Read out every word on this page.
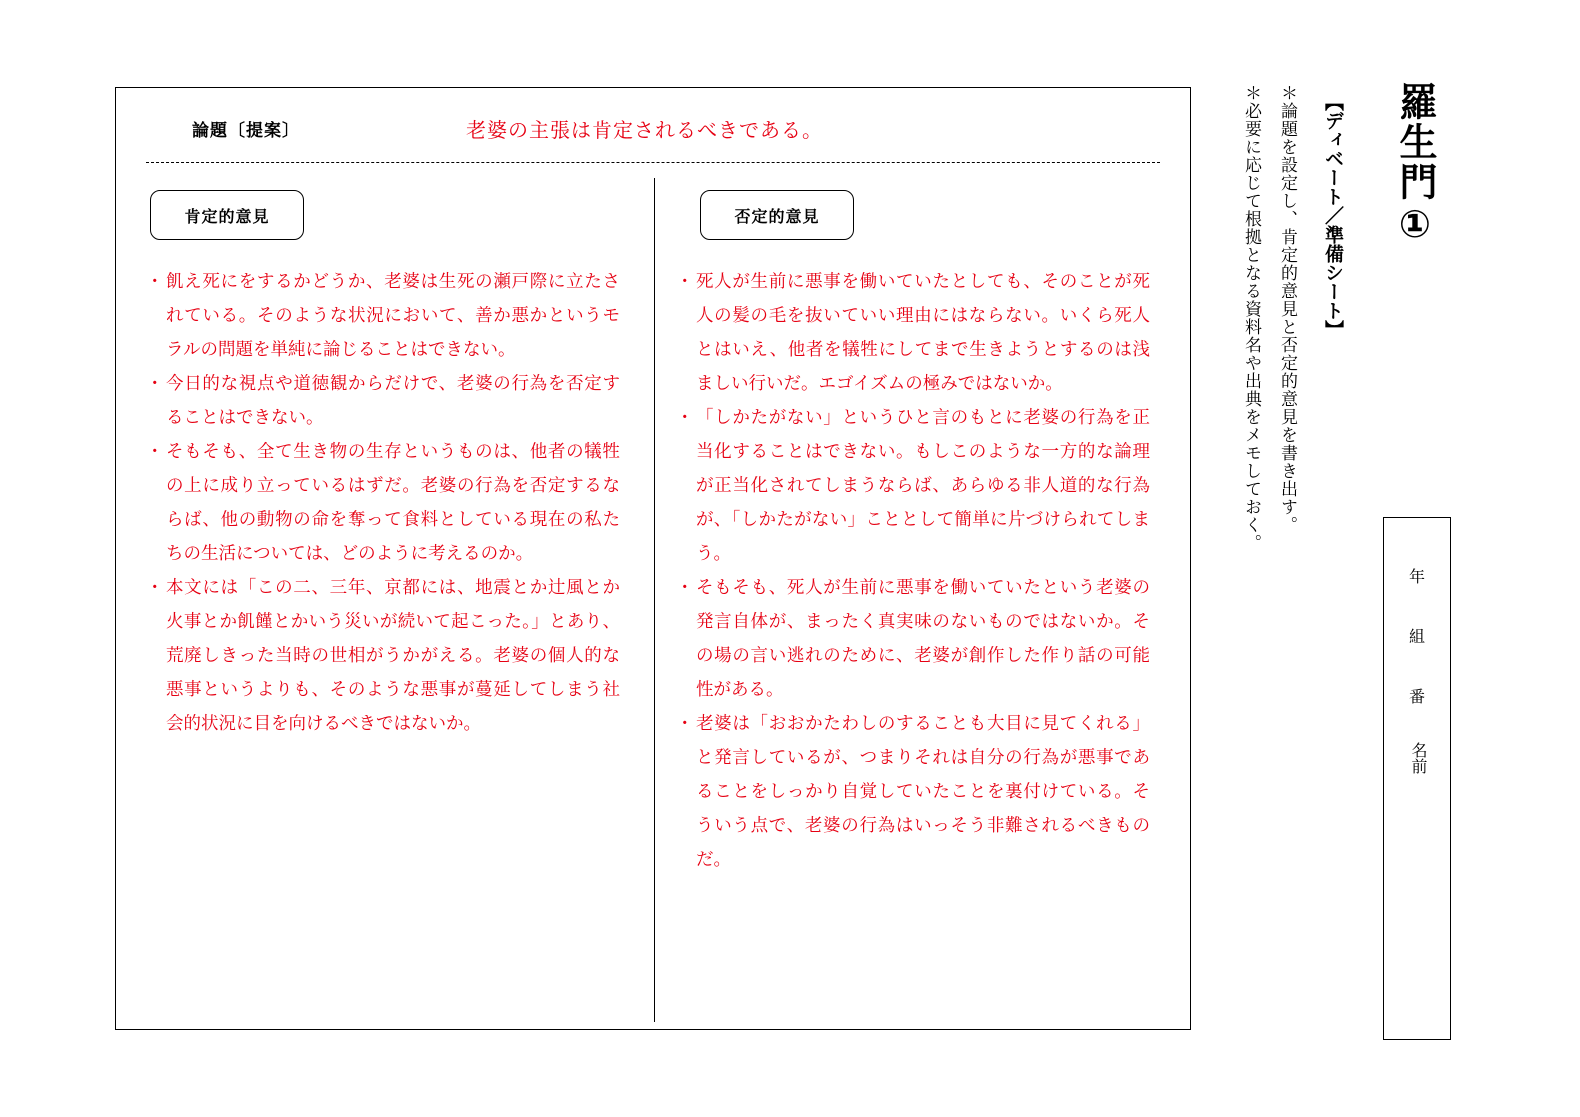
論題〔提案〕	老婆の主張は肯定されるべきである。
肯定的意見	否定的意見
・ 飢え死にをするかどうか、老婆は生死の瀬戸際に立たされている。そのような状況において、善か悪かというモラルの問題を単純に論じることはできない。
・ 今日的な視点や道徳観からだけで、老婆の行為を否定することはできない。
・ そもそも、全て生き物の生存というものは、他者の犠牲の上に成り立っているはずだ。老婆の行為を否定するならば、他の動物の命を奪って食料としている現在の私たちの生活については、どのように考えるのか。
・ 本文には「この二、三年、京都には、地震とか辻風とか火事とか飢饉とかいう災いが続いて起こった。」とあり、荒廃しきった当時の世相がうかがえる。老婆の個人的な悪事というよりも、そのような悪事が蔓延してしまう社会的状況に目を向けるべきではないか。
・ 死人が生前に悪事を働いていたとしても、そのことが死人の髪の毛を抜いていい理由にはならない。いくら死人とはいえ、他者を犠牲にしてまで生きようとするのは浅ましい行いだ。エゴイズムの極みではないか。
・ 「しかたがない」というひと言のもとに老婆の行為を正当化することはできない。もしこのような一方的な論理が正当化されてしまうならば、あらゆる非人道的な行為が、「しかたがない」こととして簡単に片づけられてしまう。
・ そもそも、死人が生前に悪事を働いていたという老婆の発言自体が、まったく真実味のないものではないか。その場の言い逃れのために、老婆が創作した作り話の可能性がある。
・ 老婆は「おおかたわしのすることも大目に見てくれる」と発言しているが、つまりそれは自分の行為が悪事であることをしっかり自覚していたことを裏付けている。そういう点で、老婆の行為はいっそう非難されるべきものだ。
羅生門①
【ディベート／準備シート】
＊論題を設定し、肯定的意見と否定的意見を書き出す。
＊必要に応じて根拠となる資料名や出典をメモしておく。
年
組
番
名前
